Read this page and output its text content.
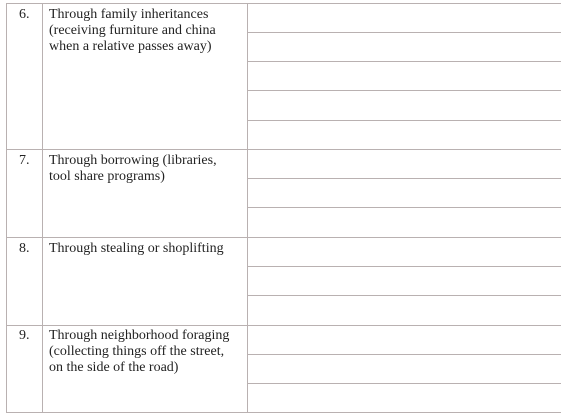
6. Through family inheritances
(receiving furniture and china
when a relative passes away)
7. Through borrowing (libraries,
tool share programs)
8. Through stealing or shoplifting
9. Through neighborhood foraging
(collecting things off the street,
on the side of the road)
